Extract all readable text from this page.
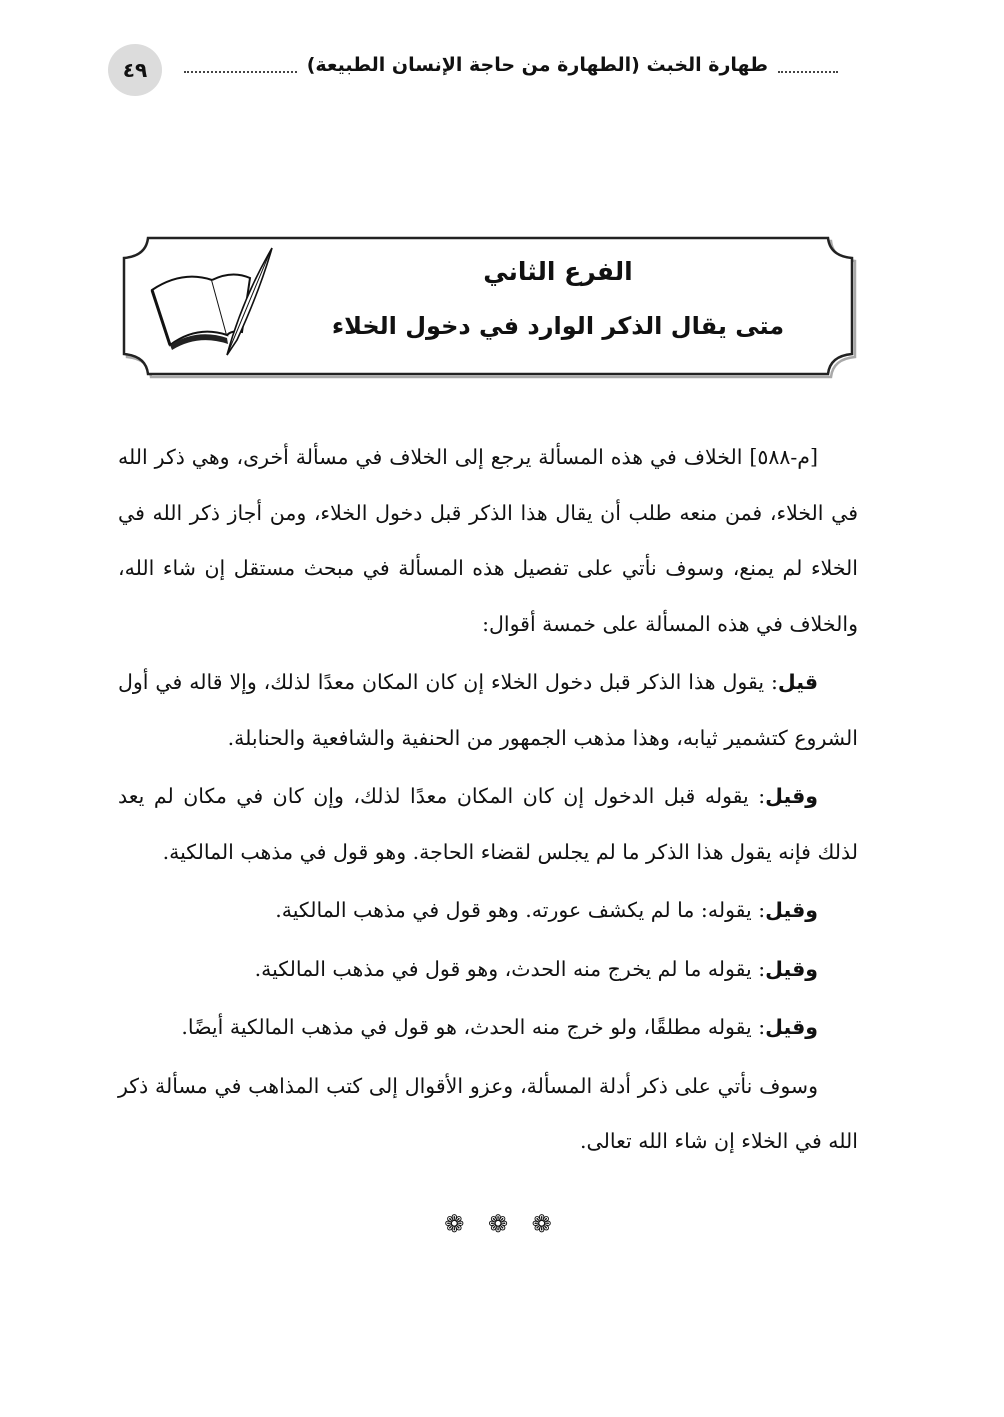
٤٩	طهارة الخبث (الطهارة من حاجة الإنسان الطبيعة)
الفرع الثاني
متى يقال الذكر الوارد في دخول الخلاء

[م-٥٨٨] الخلاف في هذه المسألة يرجع إلى الخلاف في مسألة أخرى، وهي ذكر الله في الخلاء، فمن منعه طلب أن يقال هذا الذكر قبل دخول الخلاء، ومن أجاز ذكر الله في الخلاء لم يمنع، وسوف نأتي على تفصيل هذه المسألة في مبحث مستقل إن شاء الله، والخلاف في هذه المسألة على خمسة أقوال:

قيل: يقول هذا الذكر قبل دخول الخلاء إن كان المكان معدًا لذلك، وإلا قاله في أول الشروع كتشمير ثيابه، وهذا مذهب الجمهور من الحنفية والشافعية والحنابلة.

وقيل: يقوله قبل الدخول إن كان المكان معدًا لذلك، وإن كان في مكان لم يعد لذلك فإنه يقول هذا الذكر ما لم يجلس لقضاء الحاجة. وهو قول في مذهب المالكية.

وقيل: يقوله: ما لم يكشف عورته. وهو قول في مذهب المالكية.

وقيل: يقوله ما لم يخرج منه الحدث، وهو قول في مذهب المالكية.

وقيل: يقوله مطلقًا، ولو خرج منه الحدث، هو قول في مذهب المالكية أيضًا.

وسوف نأتي على ذكر أدلة المسألة، وعزو الأقوال إلى كتب المذاهب في مسألة ذكر الله في الخلاء إن شاء الله تعالى.

❁ ❁ ❁
